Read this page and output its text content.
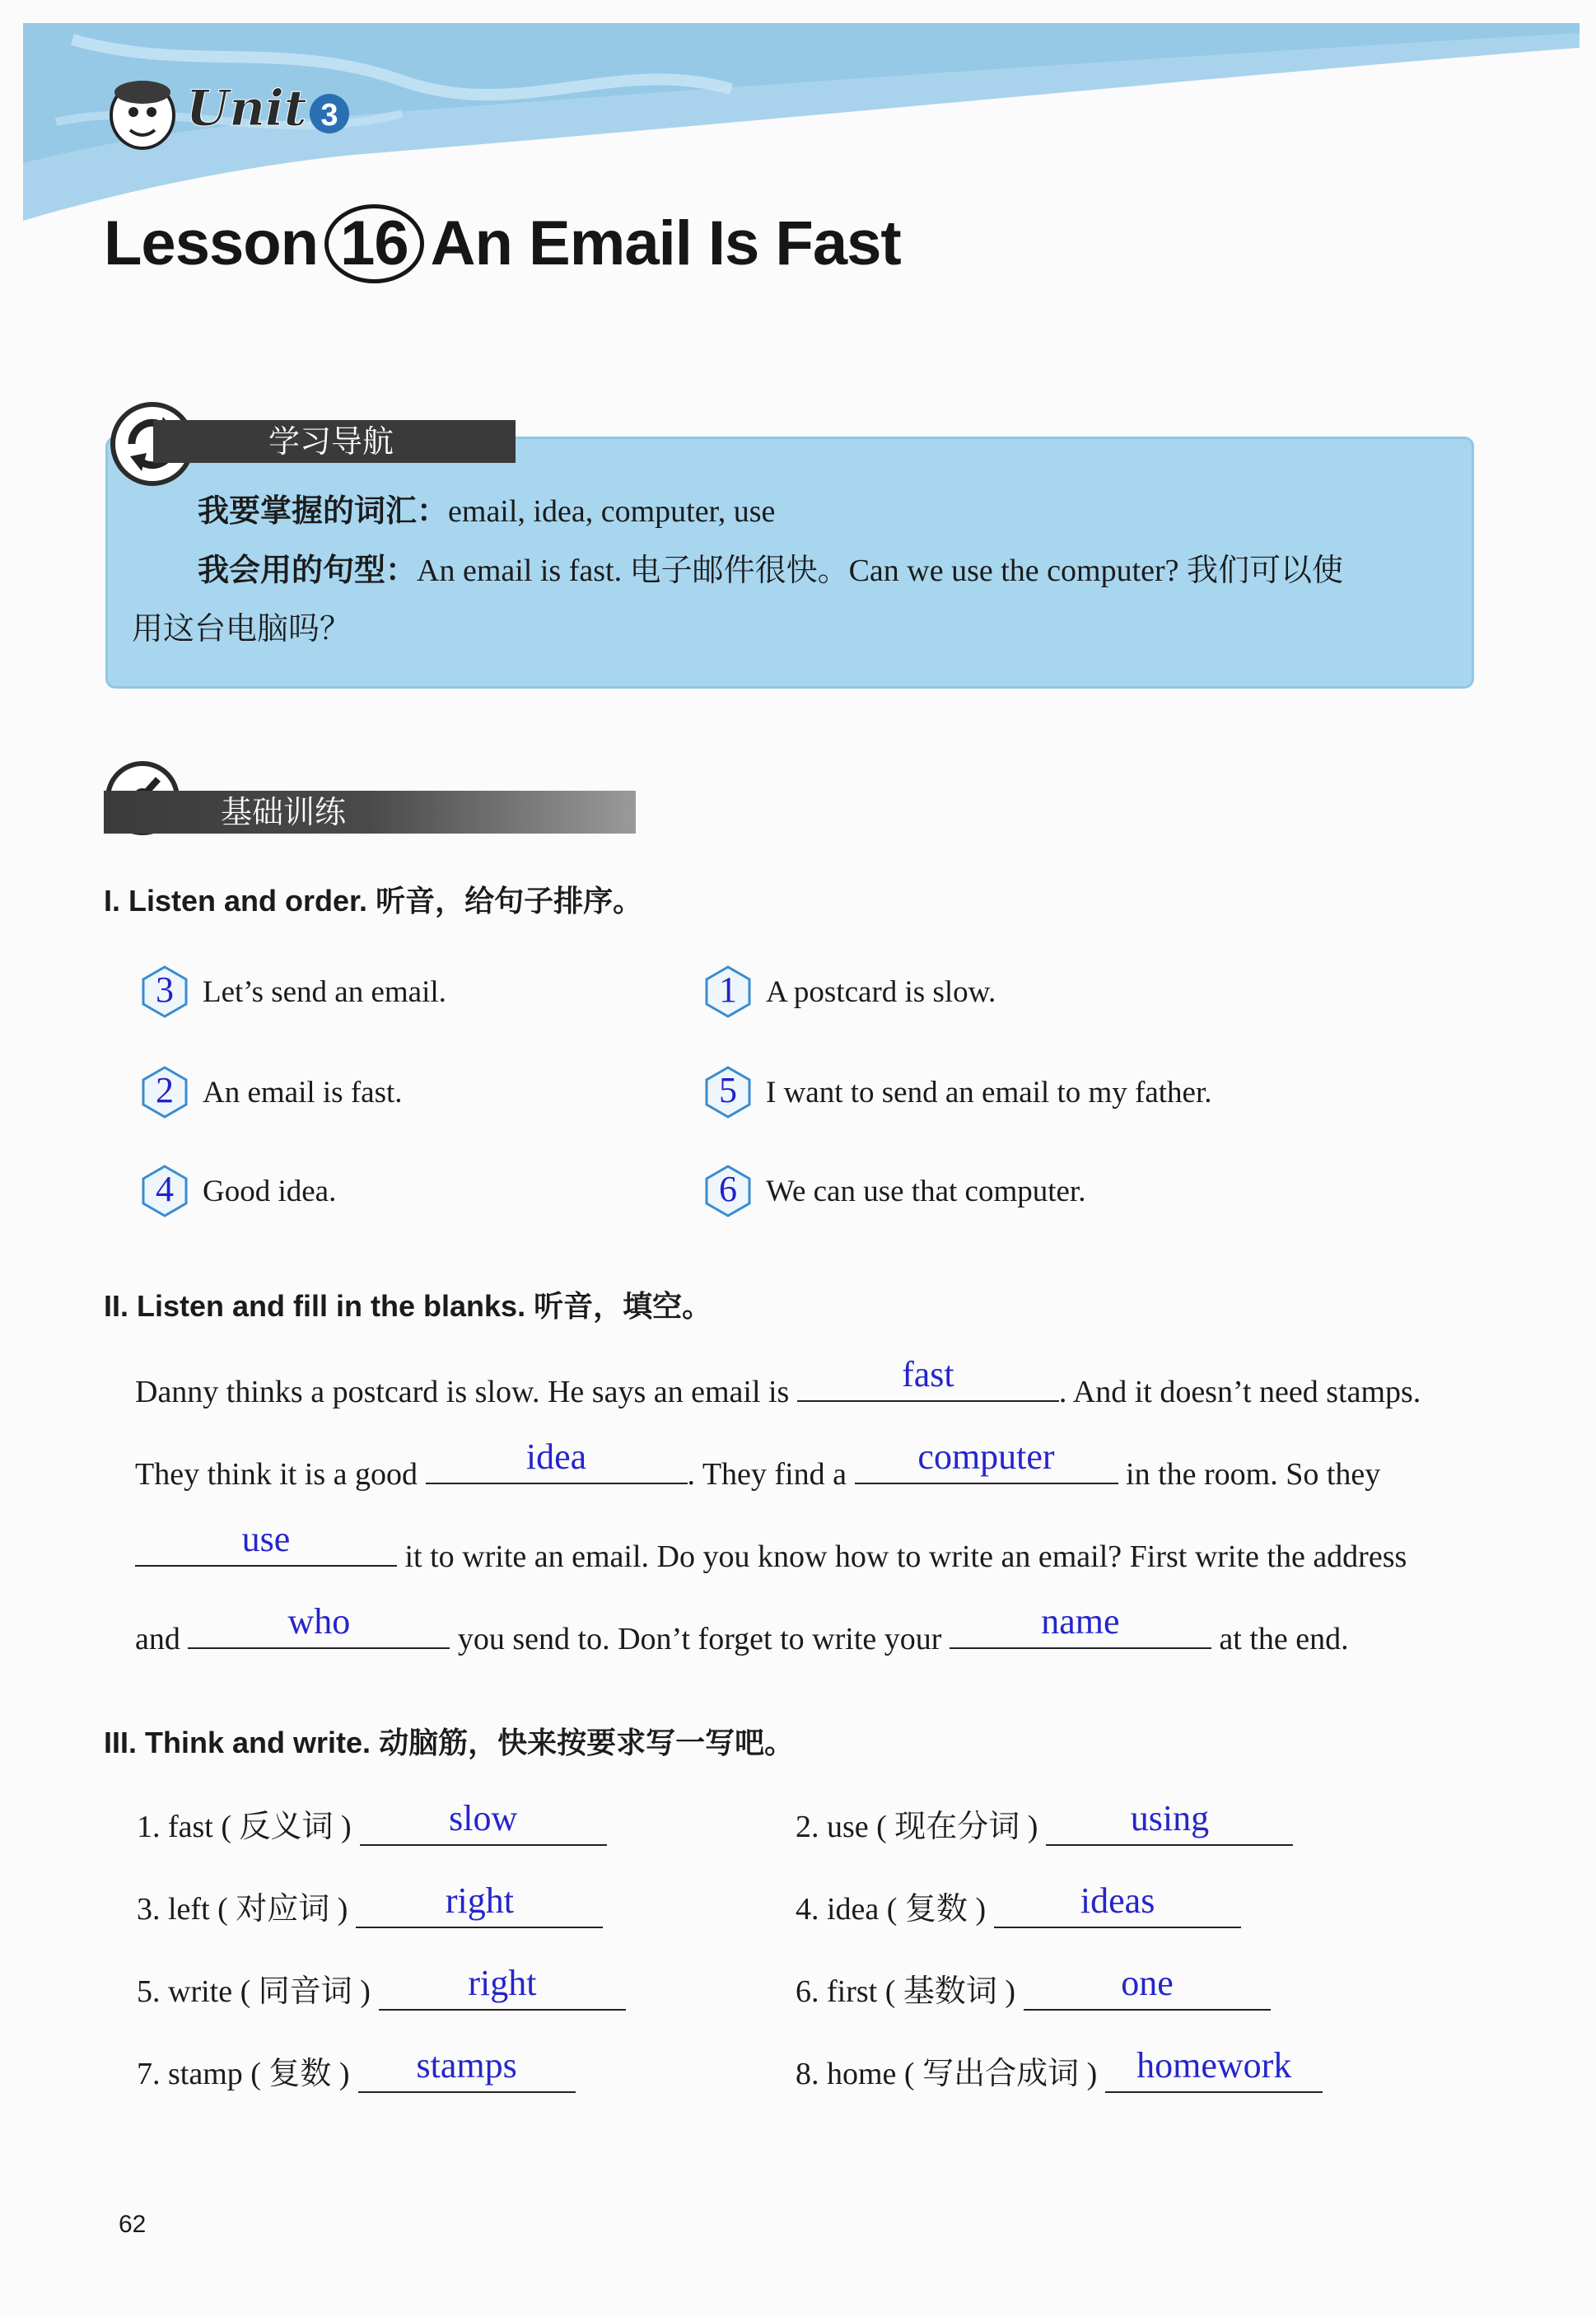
Unit 3
Lesson 16 An Email Is Fast
学习导航
我要掌握的词汇：email, idea, computer, use
我会用的句型：An email is fast. 电子邮件很快。Can we use the computer? 我们可以使
用这台电脑吗？
基础训练
I. Listen and order. 听音，给句子排序。
3 Let’s send an email.	1 A postcard is slow.
2 An email is fast.	5 I want to send an email to my father.
4 Good idea.	6 We can use that computer.
II. Listen and fill in the blanks. 听音，填空。
Danny thinks a postcard is slow. He says an email is	fast	. And it doesn’t need stamps.
They think it is a good	idea	. They find a	computer	in the room. So they
use	it to write an email. Do you know how to write an email? First write the address
and	who	you send to. Don’t forget to write your	name	at the end.
III. Think and write. 动脑筋，快来按要求写一写吧。
1. fast ( 反义词 )	slow	2. use ( 现在分词 )	using
3. left ( 对应词 )	right	4. idea ( 复数 )	ideas
5. write ( 同音词 )	right	6. first ( 基数词 )	one
7. stamp ( 复数 )	stamps	8. home ( 写出合成词 )	homework
62
